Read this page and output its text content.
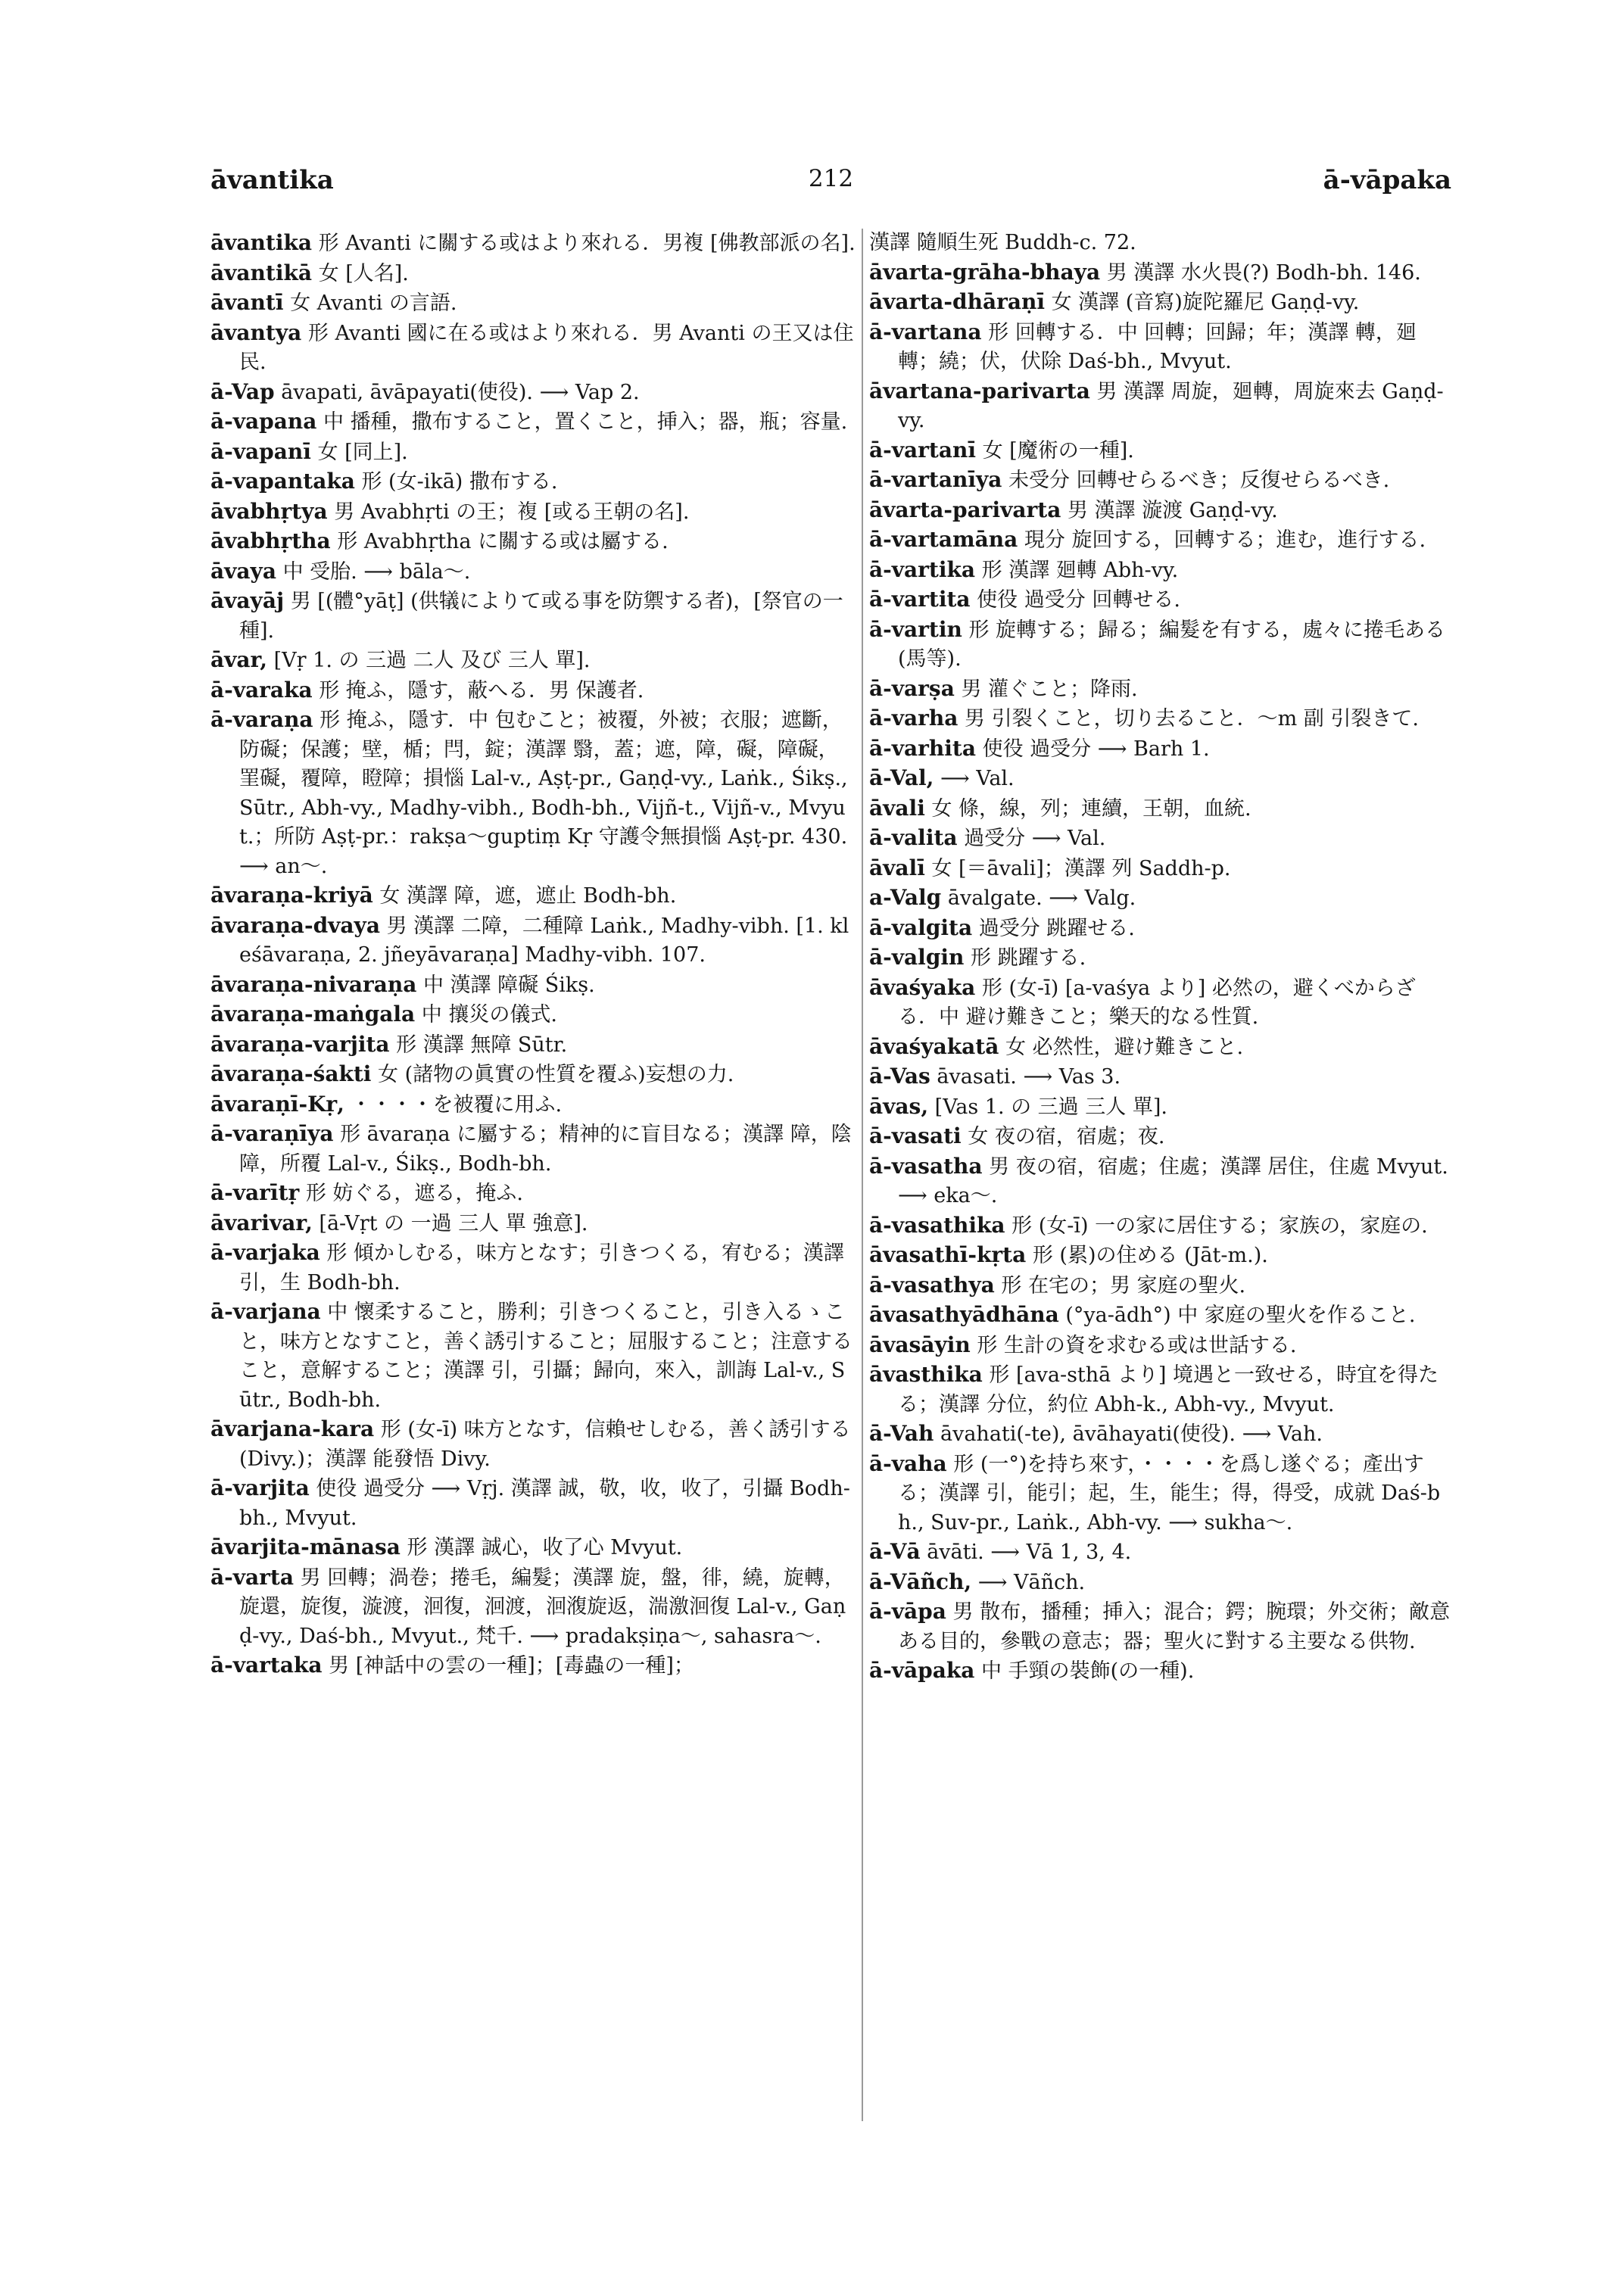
āvantika	212	ā-vāpaka

āvantika 形 Avanti に關する或はより來れる．男複 [佛教部派の名].

āvantikā 女 [人名].

āvantī 女 Avanti の言語.

āvantya 形 Avanti 國に在る或はより來れる．男 Avanti の王又は住民.

ā-Vap āvapati, āvāpayati(使役). ⟶ Vap 2.

ā-vapana 中 播種，撒布すること，置くこと，挿入；器，瓶；容量.

ā-vapanī 女 [同上].

ā-vapantaka 形 (女-ikā) 撒布する.

āvabhṛtya 男 Avabhṛti の王；複 [或る王朝の名].

āvabhṛtha 形 Avabhṛtha に關する或は屬する.

āvaya 中 受胎. ⟶ bāla〜.

āvayāj 男 [(體°yāṭ] (供犠によりて或る事を防禦する者)，[祭官の一種].

āvar, [Vṛ 1. の 三過 二人 及び 三人 單].

ā-varaka 形 掩ふ，隱す，蔽へる．男 保護者.

ā-varaṇa 形 掩ふ，隱す．中 包むこと；被覆，外被；衣服；遮斷，防礙；保護；壁，楯；閂，錠；漢譯 翳，蓋；遮，障，礙，障礙，罣礙，覆障，瞪障；損惱 Lal-v., Aṣṭ-pr., Gaṇḍ-vy., Laṅk., Śikṣ., Sūtr., Abh-vy., Madhy-vibh., Bodh-bh., Vijñ-t., Vijñ-v., Mvyut.；所防 Aṣṭ-pr.：rakṣa〜guptiṃ Kṛ 守護令無損惱 Aṣṭ-pr. 430. ⟶ an〜.

āvaraṇa-kriyā 女 漢譯 障，遮，遮止 Bodh-bh.

āvaraṇa-dvaya 男 漢譯 二障，二種障 Laṅk., Madhy-vibh. [1. kleśāvaraṇa, 2. jñeyāvaraṇa] Madhy-vibh. 107.

āvaraṇa-nivaraṇa 中 漢譯 障礙 Śikṣ.

āvaraṇa-maṅgala 中 攘災の儀式.

āvaraṇa-varjita 形 漢譯 無障 Sūtr.

āvaraṇa-śakti 女 (諸物の眞實の性質を覆ふ)妄想の力.

āvaraṇī-Kṛ, ・・・・を被覆に用ふ.

ā-varaṇīya 形 āvaraṇa に屬する；精神的に盲目なる；漢譯 障，陰障，所覆 Lal-v., Śikṣ., Bodh-bh.

ā-varītṛ 形 妨ぐる，遮る，掩ふ.

āvarivar, [ā-Vṛt の 一過 三人 單 強意].

ā-varjaka 形 傾かしむる，味方となす；引きつくる，宥むる；漢譯 引，生 Bodh-bh.

ā-varjana 中 懷柔すること，勝利；引きつくること，引き入るゝこと，味方となすこと，善く誘引すること；屈服すること；注意すること，意解すること；漢譯 引，引攝；歸向，來入，訓誨 Lal-v., Sūtr., Bodh-bh.

āvarjana-kara 形 (女-ī) 味方となす，信賴せしむる，善く誘引する (Divy.)；漢譯 能發悟 Divy.

ā-varjita 使役 過受分 ⟶ Vṛj. 漢譯 誠，敬，收，收了，引攝 Bodh-bh., Mvyut.

āvarjita-mānasa 形 漢譯 誠心，收了心 Mvyut.

ā-varta 男 回轉；渦卷；捲毛，編髮；漢譯 旋，盤，徘，繞，旋轉，旋還，旋復，漩渡，洄復，洄渡，洄澓旋返，湍激洄復 Lal-v., Gaṇḍ-vy., Daś-bh., Mvyut., 梵千. ⟶ pradakṣiṇa〜, sahasra〜.

ā-vartaka 男 [神話中の雲の一種]；[毒蟲の一種]；

漢譯 隨順生死 Buddh-c. 72.

āvarta-grāha-bhaya 男 漢譯 水火畏(?) Bodh-bh. 146.

āvarta-dhāraṇī 女 漢譯 (音寫)旋陀羅尼 Gaṇḍ-vy.

ā-vartana 形 回轉する．中 回轉；回歸；年；漢譯 轉，廻轉；繞；伏，伏除 Daś-bh., Mvyut.

āvartana-parivarta 男 漢譯 周旋，廻轉，周旋來去 Gaṇḍ-vy.

ā-vartanī 女 [魔術の一種].

ā-vartanīya 未受分 回轉せらるべき；反復せらるべき.

āvarta-parivarta 男 漢譯 漩渡 Gaṇḍ-vy.

ā-vartamāna 現分 旋回する，回轉する；進む，進行する.

ā-vartika 形 漢譯 廻轉 Abh-vy.

ā-vartita 使役 過受分 回轉せる.

ā-vartin 形 旋轉する；歸る；編髮を有する，處々に捲毛ある(馬等).

ā-varṣa 男 灌ぐこと；降雨.

ā-varha 男 引裂くこと，切り去ること．〜m 副 引裂きて.

ā-varhita 使役 過受分 ⟶ Barh 1.

ā-Val, ⟶ Val.

āvali 女 條，線，列；連續，王朝，血統.

ā-valita 過受分 ⟶ Val.

āvalī 女 [＝āvali]；漢譯 列 Saddh-p.

a-Valg āvalgate. ⟶ Valg.

ā-valgita 過受分 跳躍せる.

ā-valgin 形 跳躍する.

āvaśyaka 形 (女-ī) [a-vaśya より] 必然の，避くべからざる．中 避け難きこと；樂天的なる性質.

āvaśyakatā 女 必然性，避け難きこと.

ā-Vas āvasati. ⟶ Vas 3.

āvas, [Vas 1. の 三過 三人 單].

ā-vasati 女 夜の宿，宿處；夜.

ā-vasatha 男 夜の宿，宿處；住處；漢譯 居住，住處 Mvyut. ⟶ eka〜.

ā-vasathika 形 (女-ī) 一の家に居住する；家族の，家庭の.

āvasathī-kṛta 形 (累)の住める (Jāt-m.).

ā-vasathya 形 在宅の；男 家庭の聖火.

āvasathyādhāna (°ya-ādh°) 中 家庭の聖火を作ること.

āvasāyin 形 生計の資を求むる或は世話する.

āvasthika 形 [ava-sthā より] 境遇と一致せる，時宜を得たる；漢譯 分位，約位 Abh-k., Abh-vy., Mvyut.

ā-Vah āvahati(-te), āvāhayati(使役). ⟶ Vah.

ā-vaha 形 (一°)を持ち來す，・・・・を爲し遂ぐる；產出する；漢譯 引，能引；起，生，能生；得，得受，成就 Daś-bh., Suv-pr., Laṅk., Abh-vy. ⟶ sukha〜.

ā-Vā āvāti. ⟶ Vā 1, 3, 4.

ā-Vāñch, ⟶ Vāñch.

ā-vāpa 男 散布，播種；挿入；混合；鍔；腕環；外交術；敵意ある目的，參戰の意志；器；聖火に對する主要なる供物.

ā-vāpaka 中 手頸の裝飾(の一種).
